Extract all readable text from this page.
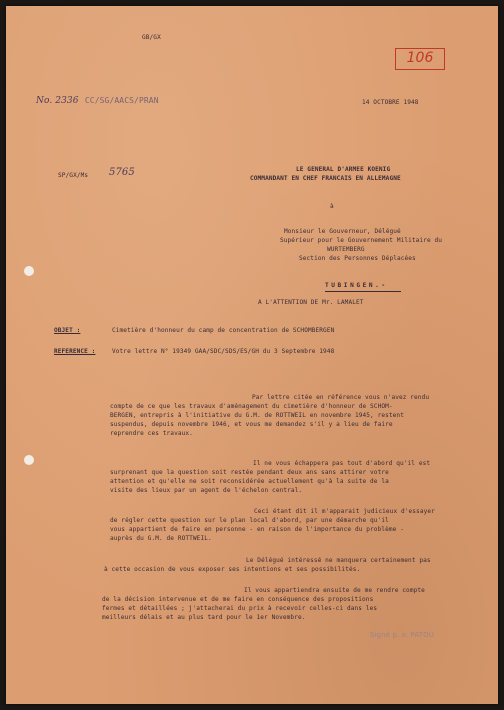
GB/GX
106
No. 2336 CC/SG/AACS/PRAN	14 OCTOBRE 1948
SP/GX/Ms 5765	LE GENERAL D'ARMEE KOENIG
COMMANDANT EN CHEF FRANCAIS EN ALLEMAGNE
à
Monsieur le Gouverneur, Délégué
Supérieur pour le Gouvernement Militaire du
WURTEMBERG
Section des Personnes Déplacées
TUBINGEN.-
A L'ATTENTION DE Mr. LAMALET
OBJET :	Cimetière d'honneur du camp de concentration de SCHOMBERGEN
REFERENCE :	Votre lettre N° 19349 GAA/SDC/SDS/ES/GH du 3 Septembre 1948
Par lettre citée en référence vous n'avez rendu
compte de ce que les travaux d'aménagement du cimetière d'honneur de SCHOM-
BERGEN, entrepris à l'initiative du G.M. de ROTTWEIL en novembre 1945, restent
suspendus, depuis novembre 1946, et vous me demandez s'il y a lieu de faire
reprendre ces travaux.
Il ne vous échappera pas tout d'abord qu'il est
surprenant que la question soit restée pendant deux ans sans attirer votre
attention et qu'elle ne soit reconsidérée actuellement qu'à la suite de la
visite des lieux par un agent de l'échelon central.
Ceci étant dit il m'apparait judicieux d'essayer
de régler cette question sur le plan local d'abord, par une démarche qu'il
vous appartient de faire en personne - en raison de l'importance du problème -
auprès du G.M. de ROTTWEIL.
Le Délégué intéressé ne manquera certainement pas
à cette occasion de vous exposer ses intentions et ses possibilités.
Il vous appartiendra ensuite de me rendre compte
de la décision intervenue et de me faire en conséquence des propositions
fermes et détaillées ; j'attacherai du prix à recevoir celles-ci dans les
meilleurs délais et au plus tard pour le 1er Novembre.
Signé p. o. PATOU
